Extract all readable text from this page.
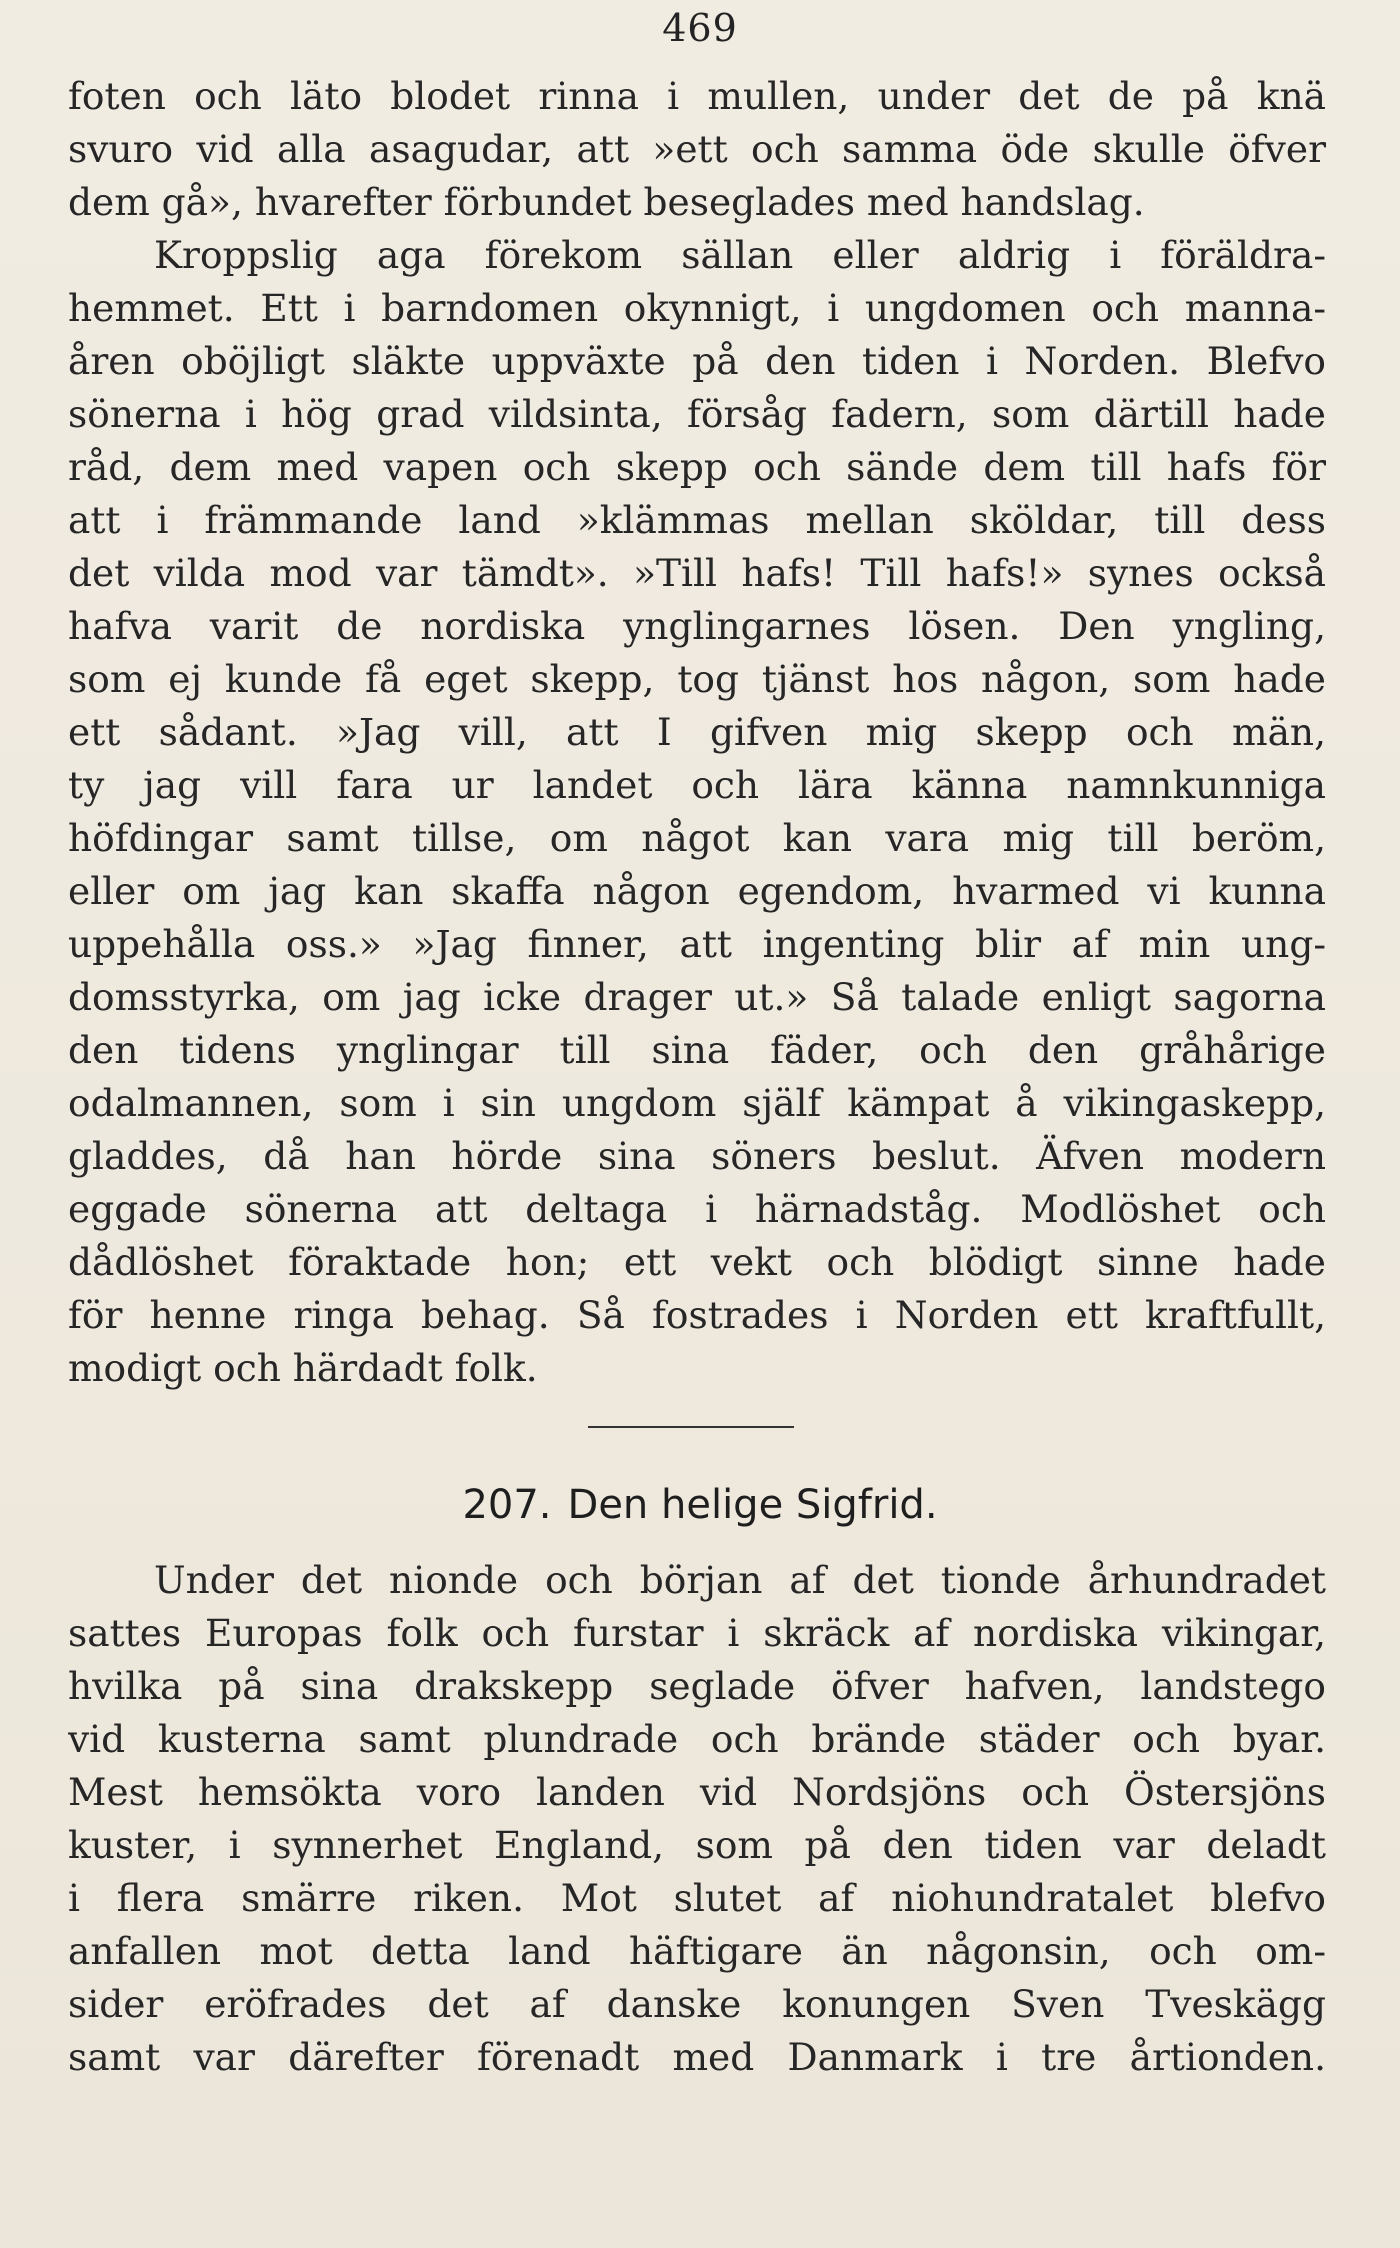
469
foten och läto blodet rinna i mullen, under det de på knä
svuro vid alla asagudar, att »ett och samma öde skulle öfver
dem gå», hvarefter förbundet beseglades med handslag.
Kroppslig aga förekom sällan eller aldrig i föräldra-
hemmet. Ett i barndomen okynnigt, i ungdomen och manna-
åren oböjligt släkte uppväxte på den tiden i Norden. Blefvo
sönerna i hög grad vildsinta, försåg fadern, som därtill hade
råd, dem med vapen och skepp och sände dem till hafs för
att i främmande land »klämmas mellan sköldar, till dess
det vilda mod var tämdt». »Till hafs! Till hafs!» synes också
hafva varit de nordiska ynglingarnes lösen. Den yngling,
som ej kunde få eget skepp, tog tjänst hos någon, som hade
ett sådant. »Jag vill, att I gifven mig skepp och män,
ty jag vill fara ur landet och lära känna namnkunniga
höfdingar samt tillse, om något kan vara mig till beröm,
eller om jag kan skaffa någon egendom, hvarmed vi kunna
uppehålla oss.» »Jag finner, att ingenting blir af min ung-
domsstyrka, om jag icke drager ut.» Så talade enligt sagorna
den tidens ynglingar till sina fäder, och den gråhårige
odalmannen, som i sin ungdom själf kämpat å vikingaskepp,
gladdes, då han hörde sina söners beslut. Äfven modern
eggade sönerna att deltaga i härnadståg. Modlöshet och
dådlöshet föraktade hon; ett vekt och blödigt sinne hade
för henne ringa behag. Så fostrades i Norden ett kraftfullt,
modigt och härdadt folk.
207. Den helige Sigfrid.
Under det nionde och början af det tionde århundradet
sattes Europas folk och furstar i skräck af nordiska vikingar,
hvilka på sina drakskepp seglade öfver hafven, landstego
vid kusterna samt plundrade och brände städer och byar.
Mest hemsökta voro landen vid Nordsjöns och Östersjöns
kuster, i synnerhet England, som på den tiden var deladt
i flera smärre riken. Mot slutet af niohundratalet blefvo
anfallen mot detta land häftigare än någonsin, och om-
sider eröfrades det af danske konungen Sven Tveskägg
samt var därefter förenadt med Danmark i tre årtionden.
